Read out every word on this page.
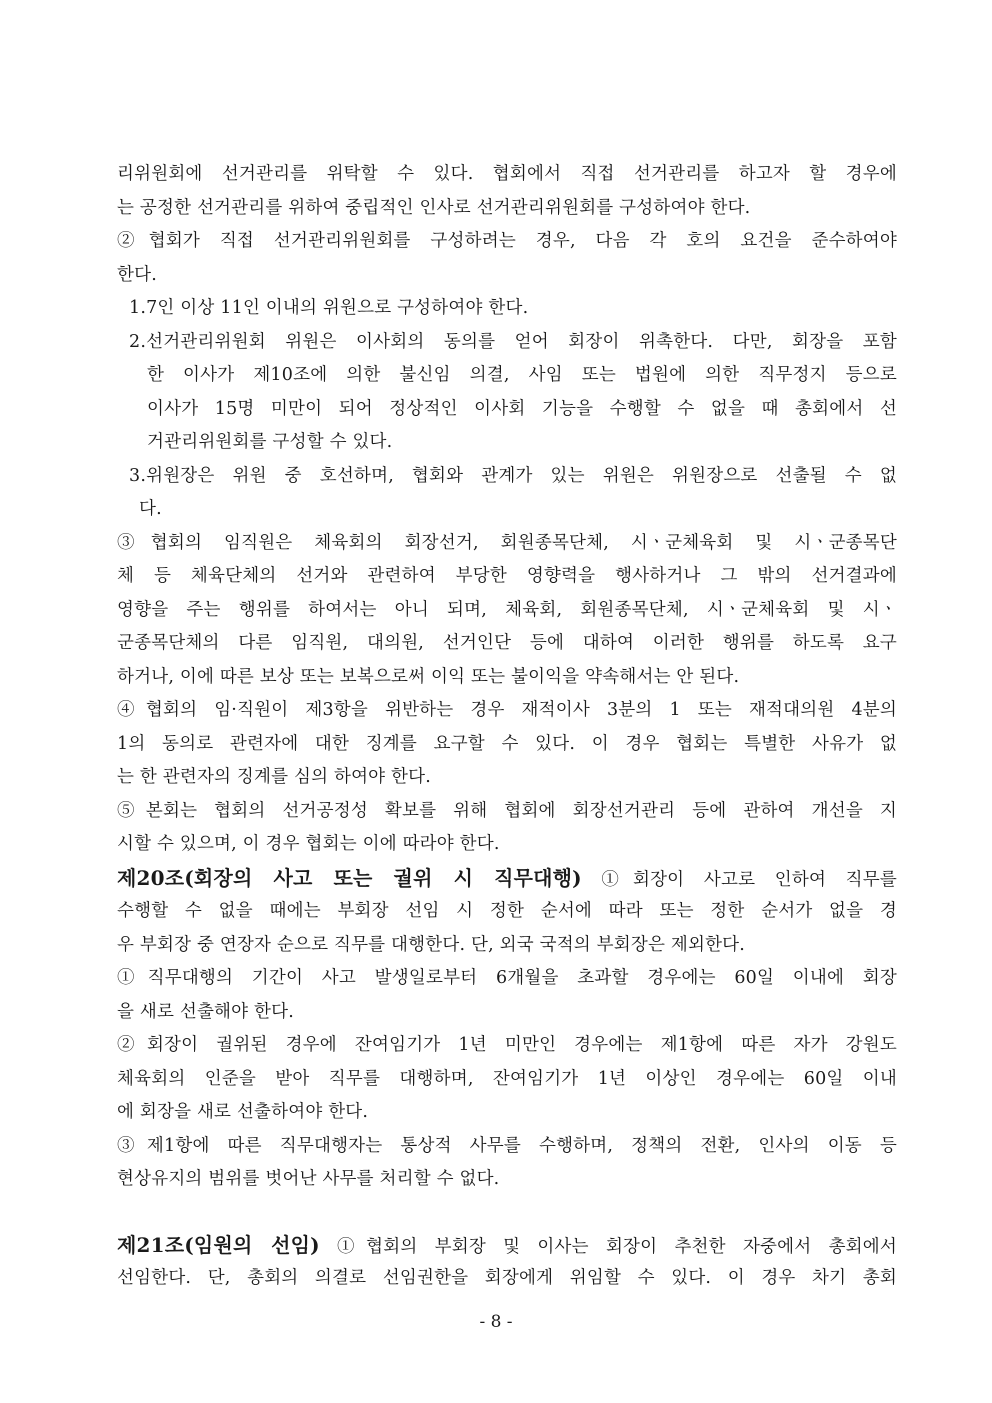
리위원회에 선거관리를 위탁할 수 있다. 협회에서 직접 선거관리를 하고자 할 경우에
는 공정한 선거관리를 위하여 중립적인 인사로 선거관리위원회를 구성하여야 한다.
②협회가 직접 선거관리위원회를 구성하려는 경우, 다음 각 호의 요건을 준수하여야
한다.
1.7인 이상 11인 이내의 위원으로 구성하여야 한다.
2.선거관리위원회 위원은 이사회의 동의를 얻어 회장이 위촉한다. 다만, 회장을 포함
한 이사가 제10조에 의한 불신임 의결, 사임 또는 법원에 의한 직무정지 등으로
이사가 15명 미만이 되어 정상적인 이사회 기능을 수행할 수 없을 때 총회에서 선
거관리위원회를 구성할 수 있다.
3.위원장은 위원 중 호선하며, 협회와 관계가 있는 위원은 위원장으로 선출될 수 없
다.
③협회의 임직원은 체육회의 회장선거, 회원종목단체, 시ㆍ군체육회 및 시ㆍ군종목단
체 등 체육단체의 선거와 관련하여 부당한 영향력을 행사하거나 그 밖의 선거결과에
영향을 주는 행위를 하여서는 아니 되며, 체육회, 회원종목단체, 시ㆍ군체육회 및 시ㆍ
군종목단체의 다른 임직원, 대의원, 선거인단 등에 대하여 이러한 행위를 하도록 요구
하거나, 이에 따른 보상 또는 보복으로써 이익 또는 불이익을 약속해서는 안 된다.
④협회의 임·직원이 제3항을 위반하는 경우 재적이사 3분의 1 또는 재적대의원 4분의
1의 동의로 관련자에 대한 징계를 요구할 수 있다. 이 경우 협회는 특별한 사유가 없
는 한 관련자의 징계를 심의 하여야 한다.
⑤본회는 협회의 선거공정성 확보를 위해 협회에 회장선거관리 등에 관하여 개선을 지
시할 수 있으며, 이 경우 협회는 이에 따라야 한다.
제20조(회장의 사고 또는 궐위 시 직무대행) ①회장이 사고로 인하여 직무를
수행할 수 없을 때에는 부회장 선임 시 정한 순서에 따라 또는 정한 순서가 없을 경
우 부회장 중 연장자 순으로 직무를 대행한다. 단, 외국 국적의 부회장은 제외한다.
①직무대행의 기간이 사고 발생일로부터 6개월을 초과할 경우에는 60일 이내에 회장
을 새로 선출해야 한다.
②회장이 궐위된 경우에 잔여임기가 1년 미만인 경우에는 제1항에 따른 자가 강원도
체육회의 인준을 받아 직무를 대행하며, 잔여임기가 1년 이상인 경우에는 60일 이내
에 회장을 새로 선출하여야 한다.
③제1항에 따른 직무대행자는 통상적 사무를 수행하며, 정책의 전환, 인사의 이동 등
현상유지의 범위를 벗어난 사무를 처리할 수 없다.
제21조(임원의 선임) ①협회의 부회장 및 이사는 회장이 추천한 자중에서 총회에서
선임한다. 단, 총회의 의결로 선임권한을 회장에게 위임할 수 있다. 이 경우 차기 총회
- 8 -
